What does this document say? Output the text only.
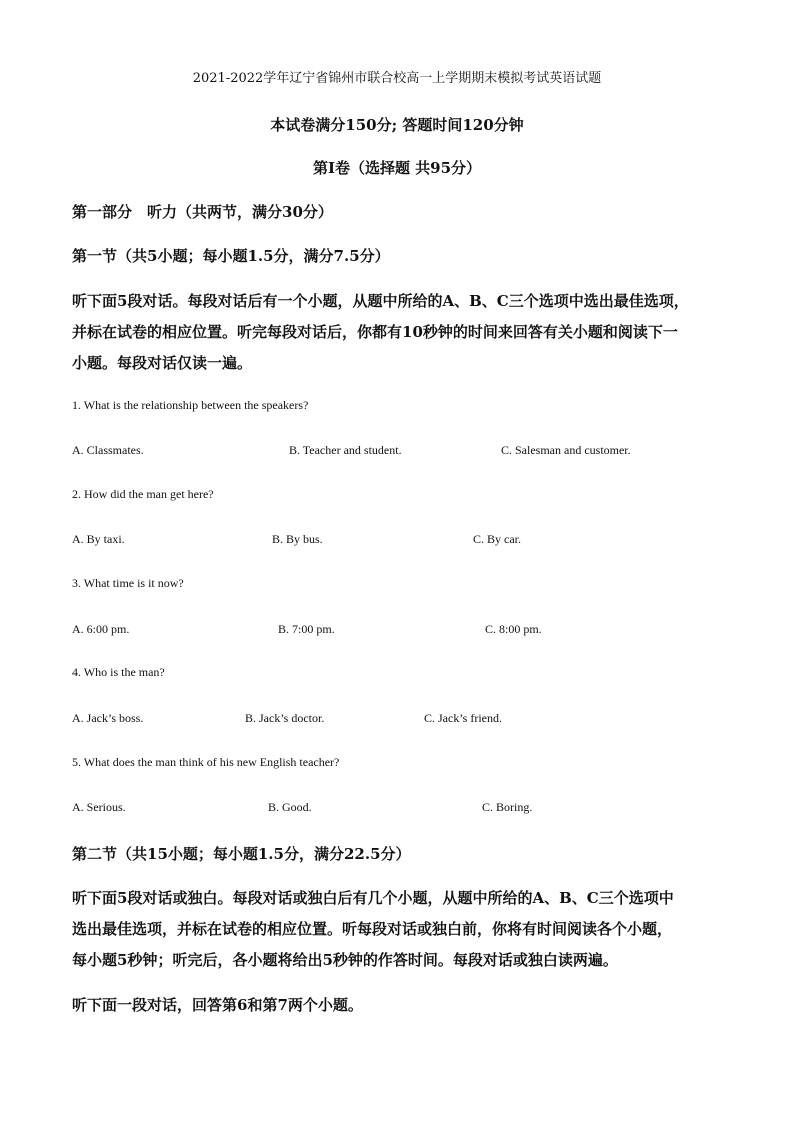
2021-2022学年辽宁省锦州市联合校高一上学期期末模拟考试英语试题
本试卷满分150分; 答题时间120分钟
第Ⅰ卷（选择题 共95分）
第一部分　听力（共两节，满分30分）
第一节（共5小题；每小题1.5分，满分7.5分）
听下面5段对话。每段对话后有一个小题，从题中所给的A、B、C三个选项中选出最佳选项，
并标在试卷的相应位置。听完每段对话后，你都有10秒钟的时间来回答有关小题和阅读下一
小题。每段对话仅读一遍。
1. What is the relationship between the speakers?
A. Classmates.	B. Teacher and student.	C. Salesman and customer.
2. How did the man get here?
A. By taxi.	B. By bus.	C. By car.
3. What time is it now?
A. 6:00 pm.	B. 7:00 pm.	C. 8:00 pm.
4. Who is the man?
A. Jack’s boss.	B. Jack’s doctor.	C. Jack’s friend.
5. What does the man think of his new English teacher?
A. Serious.	B. Good.	C. Boring.
第二节（共15小题；每小题1.5分，满分22.5分）
听下面5段对话或独白。每段对话或独白后有几个小题，从题中所给的A、B、C三个选项中
选出最佳选项，并标在试卷的相应位置。听每段对话或独白前，你将有时间阅读各个小题，
每小题5秒钟；听完后，各小题将给出5秒钟的作答时间。每段对话或独白读两遍。
听下面一段对话，回答第6和第7两个小题。
